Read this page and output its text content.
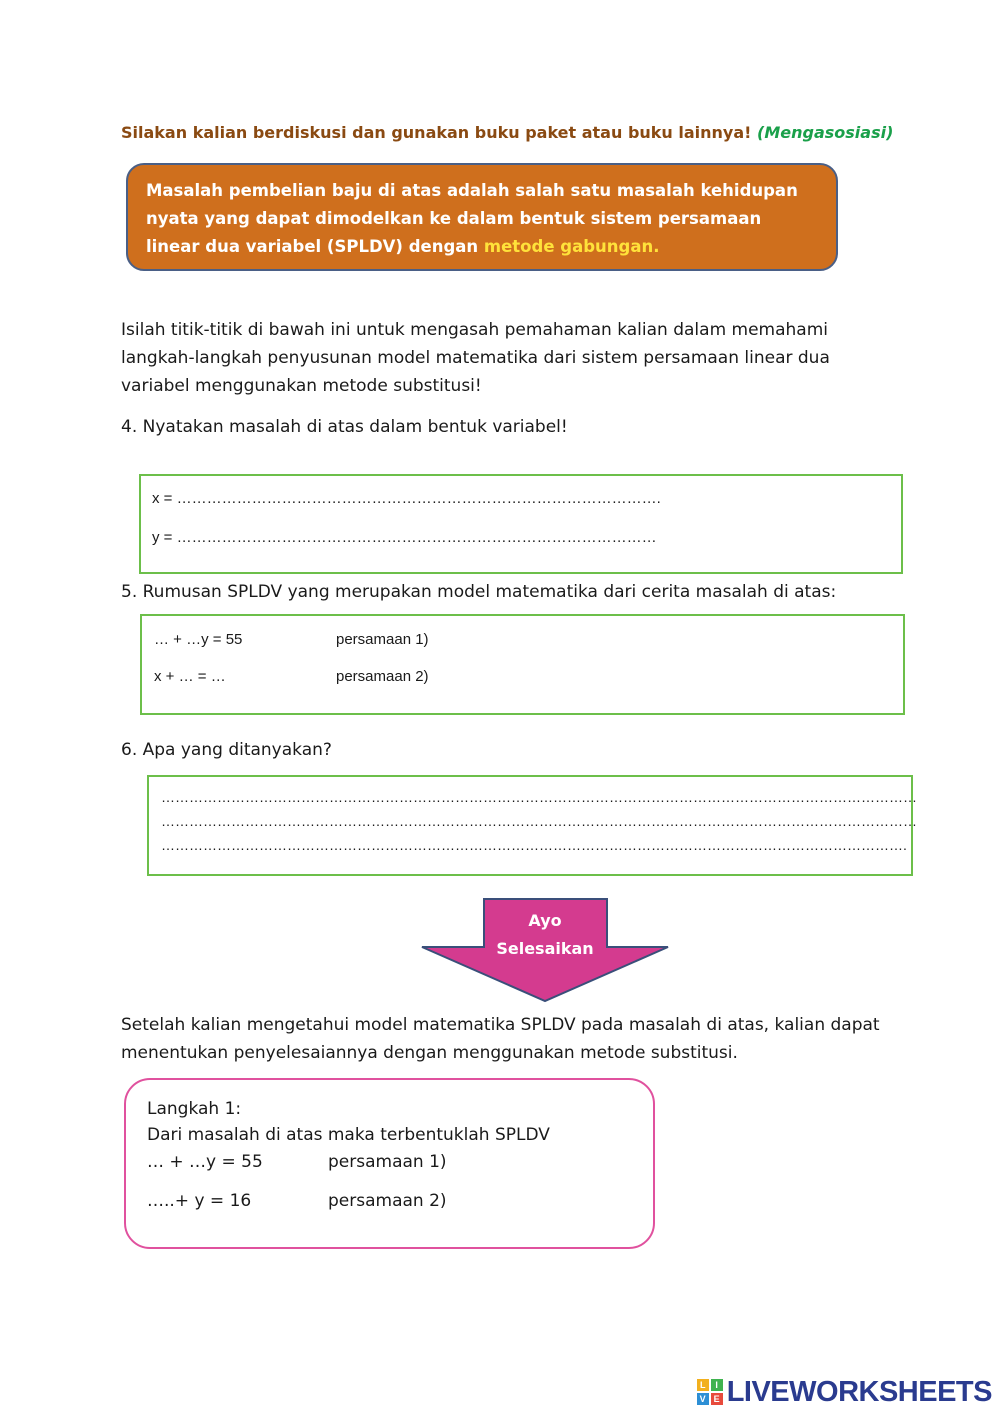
Silakan kalian berdiskusi dan gunakan buku paket atau buku lainnya! (Mengasosiasi)
Masalah pembelian baju di atas adalah salah satu masalah kehidupan nyata yang dapat dimodelkan ke dalam bentuk sistem persamaan linear dua variabel (SPLDV) dengan metode gabungan.
Isilah titik-titik di bawah ini untuk mengasah pemahaman kalian dalam memahami langkah-langkah penyusunan model matematika dari sistem persamaan linear dua variabel menggunakan metode substitusi!
4. Nyatakan masalah di atas dalam bentuk variabel!
x = …………………………………………………………………………………….
y = ……………………………………………………………………………………
5. Rumusan SPLDV yang merupakan model matematika dari cerita masalah di atas:
… + …y = 55	persamaan 1)
x + … = …	persamaan 2)
6. Apa yang ditanyakan?
………………………………………………………………………………………………………………………………………………
………………………………………………………………………………………………………………………………………………
…………………………………………………………………………………………………………………………………………….
Ayo
Selesaikan
Setelah kalian mengetahui model matematika SPLDV pada masalah di atas, kalian dapat menentukan penyelesaiannya dengan menggunakan metode substitusi.
Langkah 1:
Dari masalah di atas maka terbentuklah SPLDV
… + …y = 55	persamaan 1)
…..+ y = 16	persamaan 2)
L	I
V E LIVEWORKSHEETS
